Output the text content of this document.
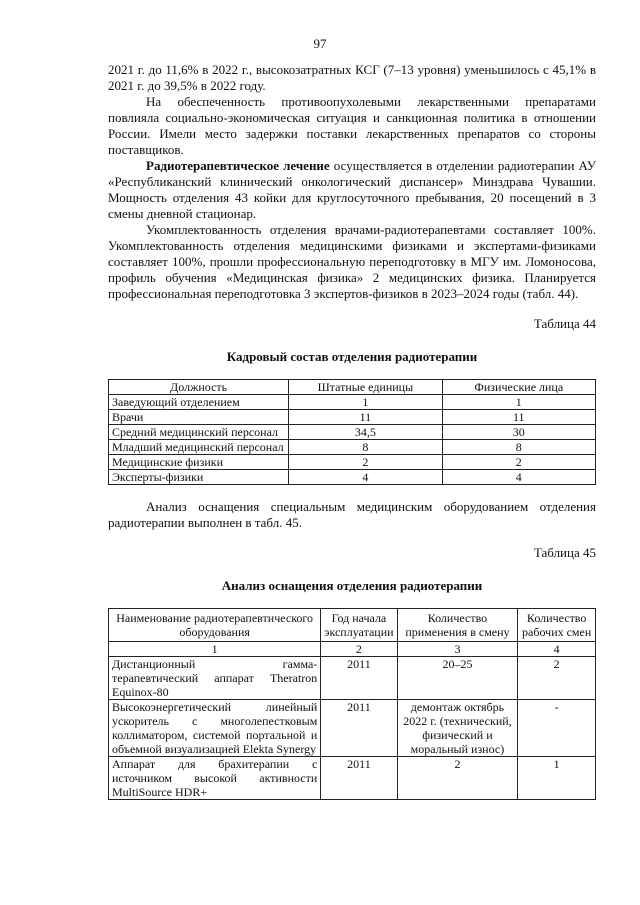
97

2021 г. до 11,6% в 2022 г., высокозатратных КСГ (7–13 уровня) уменьшилось с 45,1% в 2021 г. до 39,5% в 2022 году.

На обеспеченность противоопухолевыми лекарственными препаратами повлияла социально-экономическая ситуация и санкционная политика в отношении России. Имели место задержки поставки лекарственных препаратов со стороны поставщиков.

Радиотерапевтическое лечение осуществляется в отделении радиотерапии АУ «Республиканский клинический онкологический диспансер» Минздрава Чувашии. Мощность отделения 43 койки для круглосуточного пребывания, 20 посещений в 3 смены дневной стационар.

Укомплектованность отделения врачами-радиотерапевтами составляет 100%. Укомплектованность отделения медицинскими физиками и экспертами-физиками составляет 100%, прошли профессиональную переподготовку в МГУ им. Ломоносова, профиль обучения «Медицинская физика» 2 медицинских физика. Планируется профессиональная переподготовка 3 экспертов-физиков в 2023–2024 годы (табл. 44).

Таблица 44
Кадровый состав отделения радиотерапии
Должность	Штатные единицы	Физические лица
Заведующий отделением	1	1
Врачи	11	11
Средний медицинский персонал	34,5	30
Младший медицинский персонал	8	8
Медицинские физики	2	2
Эксперты-физики	4	4

Анализ оснащения специальным медицинским оборудованием отделения радиотерапии выполнен в табл. 45.

Таблица 45
Анализ оснащения отделения радиотерапии
Наименование радиотерапевтического оборудования	Год начала эксплуатации	Количество применения в смену	Количество рабочих смен
1	2	3	4
Дистанционный гамма-терапевтический аппарат Theratron Equinox-80	2011	20–25	2
Высокоэнергетический линейный ускоритель с многолепестковым коллиматором, системой портальной и объемной визуализацией Elekta Synergy	2011	демонтаж октябрь 2022 г. (технический, физический и моральный износ)	-
Аппарат для брахитерапии с источником высокой активности MultiSource HDR+	2011	2	1
